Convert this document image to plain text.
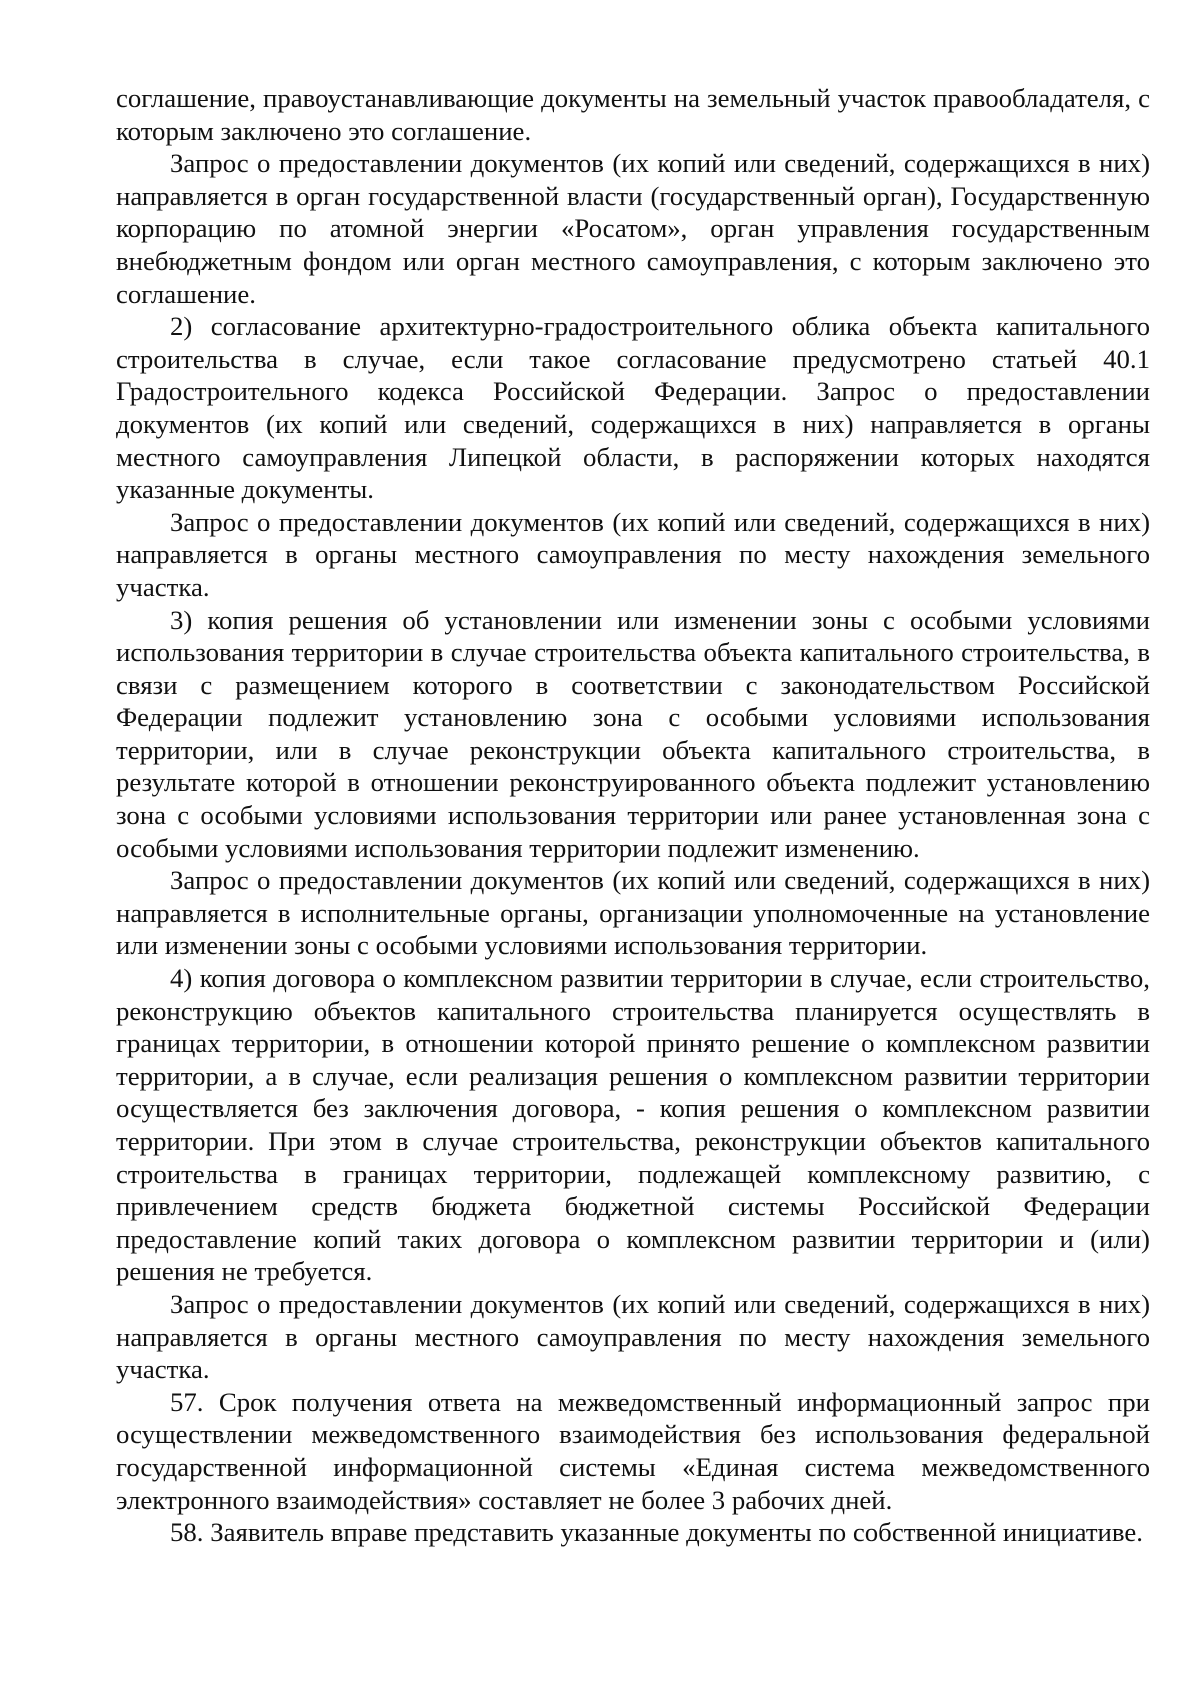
соглашение, правоустанавливающие документы на земельный участок правообладателя, с которым заключено это соглашение.

Запрос о предоставлении документов (их копий или сведений, содержащихся в них) направляется в орган государственной власти (государственный орган), Государственную корпорацию по атомной энергии «Росатом», орган управления государственным внебюджетным фондом или орган местного самоуправления, с которым заключено это соглашение.

2) согласование архитектурно-градостроительного облика объекта капитального строительства в случае, если такое согласование предусмотрено статьей 40.1 Градостроительного кодекса Российской Федерации. Запрос о предоставлении документов (их копий или сведений, содержащихся в них) направляется в органы местного самоуправления Липецкой области, в распоряжении которых находятся указанные документы.

Запрос о предоставлении документов (их копий или сведений, содержащихся в них) направляется в органы местного самоуправления по месту нахождения земельного участка.

3) копия решения об установлении или изменении зоны с особыми условиями использования территории в случае строительства объекта капитального строительства, в связи с размещением которого в соответствии с законодательством Российской Федерации подлежит установлению зона с особыми условиями использования территории, или в случае реконструкции объекта капитального строительства, в результате которой в отношении реконструированного объекта подлежит установлению зона с особыми условиями использования территории или ранее установленная зона с особыми условиями использования территории подлежит изменению.

Запрос о предоставлении документов (их копий или сведений, содержащихся в них) направляется в исполнительные органы, организации уполномоченные на установление или изменении зоны с особыми условиями использования территории.

4) копия договора о комплексном развитии территории в случае, если строительство, реконструкцию объектов капитального строительства планируется осуществлять в границах территории, в отношении которой принято решение о комплексном развитии территории, а в случае, если реализация решения о комплексном развитии территории осуществляется без заключения договора, - копия решения о комплексном развитии территории. При этом в случае строительства, реконструкции объектов капитального строительства в границах территории, подлежащей комплексному развитию, с привлечением средств бюджета бюджетной системы Российской Федерации предоставление копий таких договора о комплексном развитии территории и (или) решения не требуется.

Запрос о предоставлении документов (их копий или сведений, содержащихся в них) направляется в органы местного самоуправления по месту нахождения земельного участка.

57. Срок получения ответа на межведомственный информационный запрос при осуществлении межведомственного взаимодействия без использования федеральной государственной информационной системы «Единая система межведомственного электронного взаимодействия» составляет не более 3 рабочих дней.

58. Заявитель вправе представить указанные документы по собственной инициативе.
